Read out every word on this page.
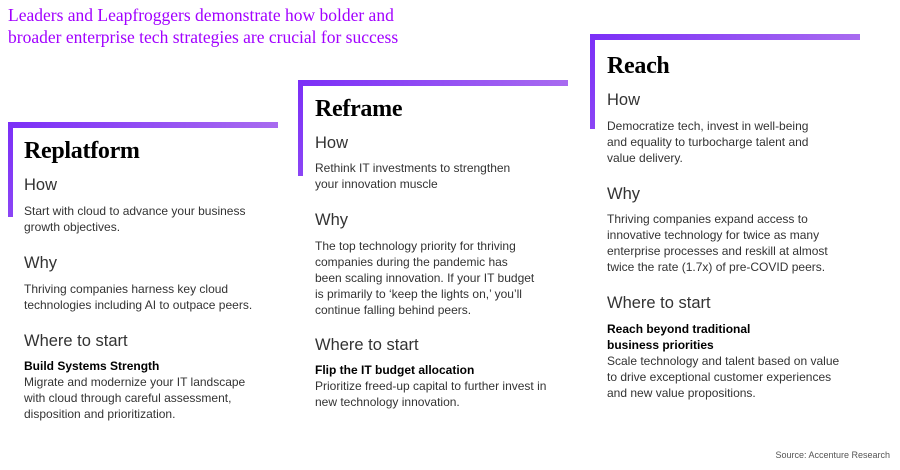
Leaders and Leapfroggers demonstrate how bolder and
broader enterprise tech strategies are crucial for success
Replatform
How
Start with cloud to advance your business
growth objectives.
Why
Thriving companies harness key cloud
technologies including AI to outpace peers.
Where to start
Build Systems Strength
Migrate and modernize your IT landscape
with cloud through careful assessment,
disposition and prioritization.
Reframe
How
Rethink IT investments to strengthen
your innovation muscle
Why
The top technology priority for thriving
companies during the pandemic has
been scaling innovation. If your IT budget
is primarily to ‘keep the lights on,’ you’ll
continue falling behind peers.
Where to start
Flip the IT budget allocation
Prioritize freed-up capital to further invest in
new technology innovation.
Reach
How
Democratize tech, invest in well-being
and equality to turbocharge talent and
value delivery.
Why
Thriving companies expand access to
innovative technology for twice as many
enterprise processes and reskill at almost
twice the rate (1.7x) of pre-COVID peers.
Where to start
Reach beyond traditional
business priorities
Scale technology and talent based on value
to drive exceptional customer experiences
and new value propositions.
Source: Accenture Research
